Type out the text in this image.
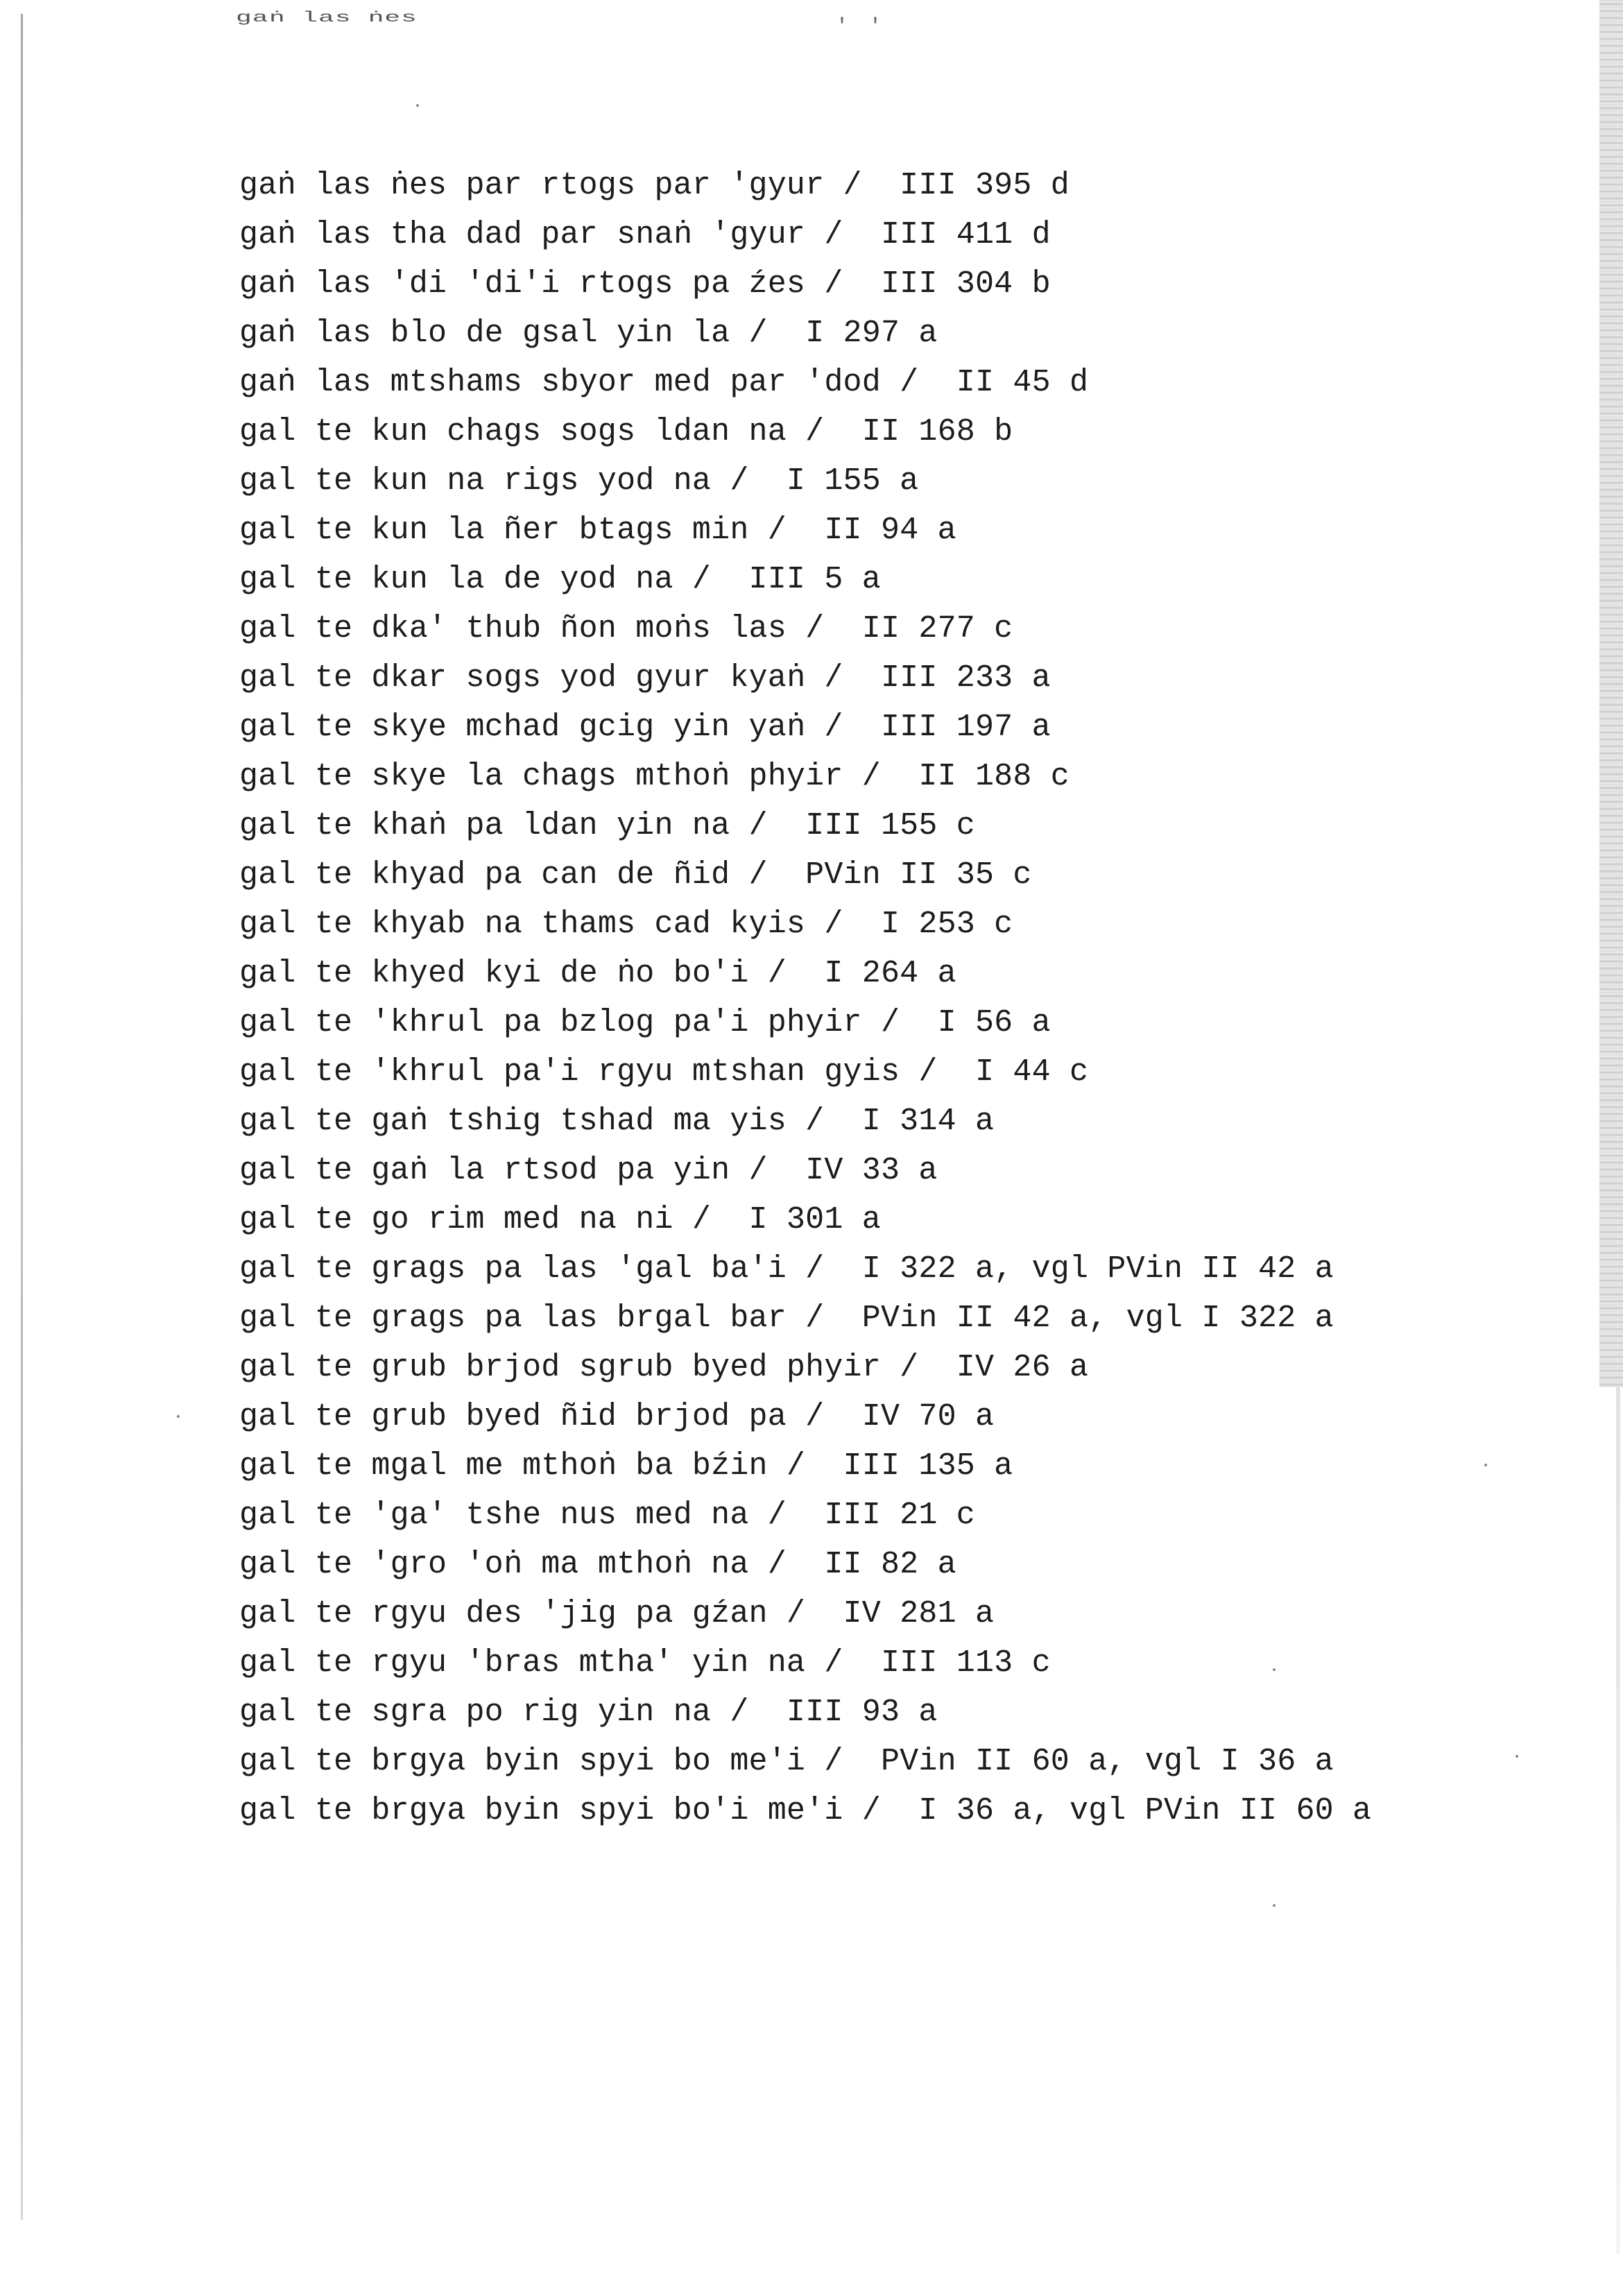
gaṅ las ṅes	' '
gaṅ las ṅes par rtogs par 'gyur /  III 395 d
gaṅ las tha dad par snaṅ 'gyur /  III 411 d
gaṅ las 'di 'di'i rtogs pa źes /  III 304 b
gaṅ las blo de gsal yin la /  I 297 a
gaṅ las mtshams sbyor med par 'dod /  II 45 d
gal te kun chags sogs ldan na /  II 168 b
gal te kun na rigs yod na /  I 155 a
gal te kun la ñer btags min /  II 94 a
gal te kun la de yod na /  III 5 a
gal te dka' thub ñon moṅs las /  II 277 c
gal te dkar sogs yod gyur kyaṅ /  III 233 a
gal te skye mchad gcig yin yaṅ /  III 197 a
gal te skye la chags mthoṅ phyir /  II 188 c
gal te khaṅ pa ldan yin na /  III 155 c
gal te khyad pa can de ñid /  PVin II 35 c
gal te khyab na thams cad kyis /  I 253 c
gal te khyed kyi de ṅo bo'i /  I 264 a
gal te 'khrul pa bzlog pa'i phyir /  I 56 a
gal te 'khrul pa'i rgyu mtshan gyis /  I 44 c
gal te gaṅ tshig tshad ma yis /  I 314 a
gal te gaṅ la rtsod pa yin /  IV 33 a
gal te go rim med na ni /  I 301 a
gal te grags pa las 'gal ba'i /  I 322 a, vgl PVin II 42 a
gal te grags pa las brgal bar /  PVin II 42 a, vgl I 322 a
gal te grub brjod sgrub byed phyir /  IV 26 a
gal te grub byed ñid brjod pa /  IV 70 a
gal te mgal me mthoṅ ba bźin /  III 135 a
gal te 'ga' tshe nus med na /  III 21 c
gal te 'gro 'oṅ ma mthoṅ na /  II 82 a
gal te rgyu des 'jig pa gźan /  IV 281 a
gal te rgyu 'bras mtha' yin na /  III 113 c
gal te sgra po rig yin na /  III 93 a
gal te brgya byin spyi bo me'i /  PVin II 60 a, vgl I 36 a
gal te brgya byin spyi bo'i me'i /  I 36 a, vgl PVin II 60 a
